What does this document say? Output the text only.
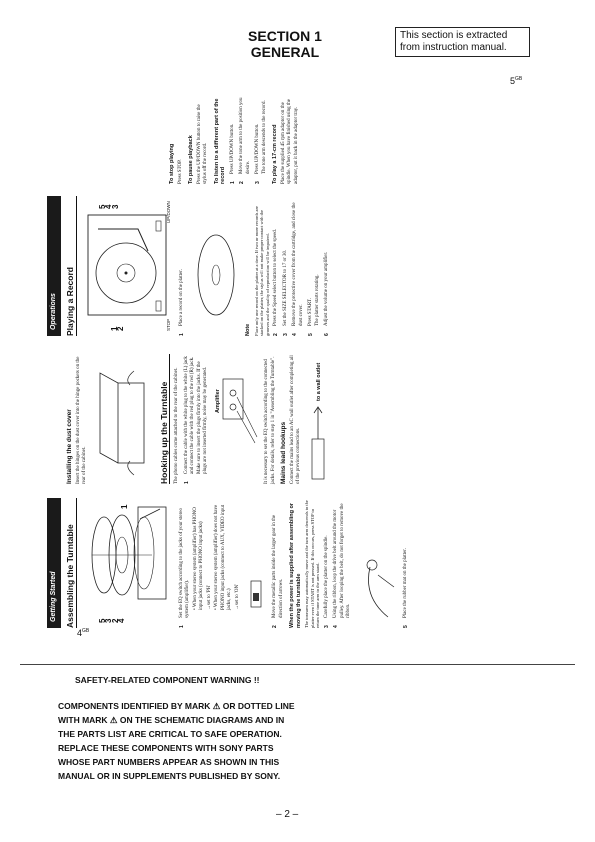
SECTION 1
GENERAL
This section is extracted from instruction manual.
$5^{GB}$
$4^{GB}$
Getting Started Assembling the Turntable	5
3
2
4
1
1
Set the EQ switch according to the jacks of your stereo system (amplifier). • When your stereo system (amplifier) has PHONO input jacks (connect to PHONO input jacks) →set to 'PH' • When your stereo system (amplifier) does not have PHONO input jacks (connect to AUX, VIDEO input jacks, etc.) →set to 'ON'
2
Move the metallic parts inside the larger gear in the direction of arrows. When the power is supplied after assembling or moving the turntable The tonearm may automatically move and the turn arm descends to the platter even if START is not pressed. If this occurs, press STOP to return the tone arm to the arm stand. 3
Carefully place the platter on the spindle.
4
Using the ribbon, loop the drive belt around the motor pulley. After looping the belt, do not forget to remove the ribbon.
5
Place the rubber mat on the platter.
Installing the dust cover Insert the hinges on the dust cover into the hinge pockets on the rear of the cabinet.	Hooking up the Turntable	The phono cables come attached to the rear of the cabinet. 1
Connect the cable with the white plug to the white (L) jack and connect the cable with the red plug to the red (R) jack. Make sure to insert the plugs firmly into the jacks. If the plugs are not inserted firmly, noise may be generated. Amplifier	It is necessary to set the EQ switch according to the connected jacks. For details, refer to step 1 in "Assembling the Turntable". Mains lead hookups Connect the mains lead to an AC wall outlet after completing all of the previous connections.
to a wall outlet
Operations Playing a Record	1
2
5
4
3
STOP
UP/DOWN
1
Place a record on the platter.
Note Place only one record on the platter at a time. If two or more records are stacked on the platter, the stylus will not make proper contact with the grooves and the quality of reproduction will be impaired. 2
Press the Speed select button to select the speed.
3
Set the SIZE SELECTOR to 17 or 30.
4
Remove the protective cover from the cartridge, and close the dust cover.
5
Press START. The platter starts rotating.
6
Adjust the volume on your amplifier.
To stop playing Press STOP. To pause playback Press the UP/DOWN button to raise the stylus off the record. To listen to a different part of the record 1
Press UP/DOWN button.
2
Move the tone arm to the position you desire.
3
Press UP/DOWN button. The tone arm descends to the record. To play a 17-cm record Place the supplied 45 rpm adaptor on the spindle. When you have finished using the adaptor, put it back in the adaptor tray.
SAFETY-RELATED COMPONENT WARNING !!
COMPONENTS IDENTIFIED BY MARK ⚠ OR DOTTED LINE
WITH MARK ⚠ ON THE SCHEMATIC DIAGRAMS AND IN
THE PARTS LIST ARE CRITICAL TO SAFE OPERATION.
REPLACE THESE COMPONENTS WITH SONY PARTS
WHOSE PART NUMBERS APPEAR AS SHOWN IN THIS
MANUAL OR IN SUPPLEMENTS PUBLISHED BY SONY.
– 2 –
